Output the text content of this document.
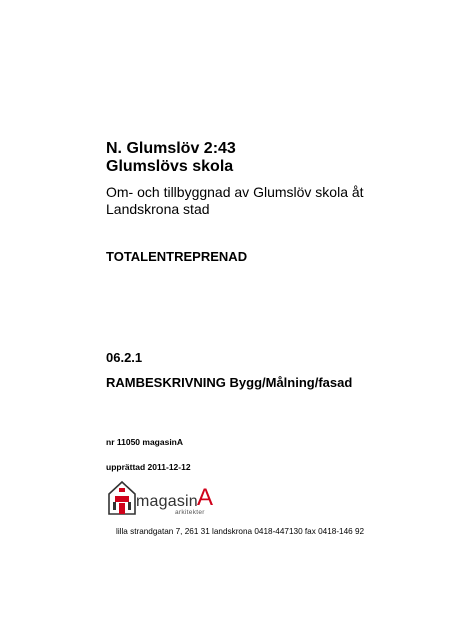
N. Glumslöv 2:43
Glumslövs skola
Om- och tillbyggnad av Glumslöv skola åt
Landskrona stad
TOTALENTREPRENAD
06.2.1
RAMBESKRIVNING Bygg/Målning/fasad
nr 11050 magasinA
upprättad 2011-12-12
magasin A
arkitekter
lilla strandgatan 7, 261 31 landskrona 0418-447130 fax 0418-146 92
